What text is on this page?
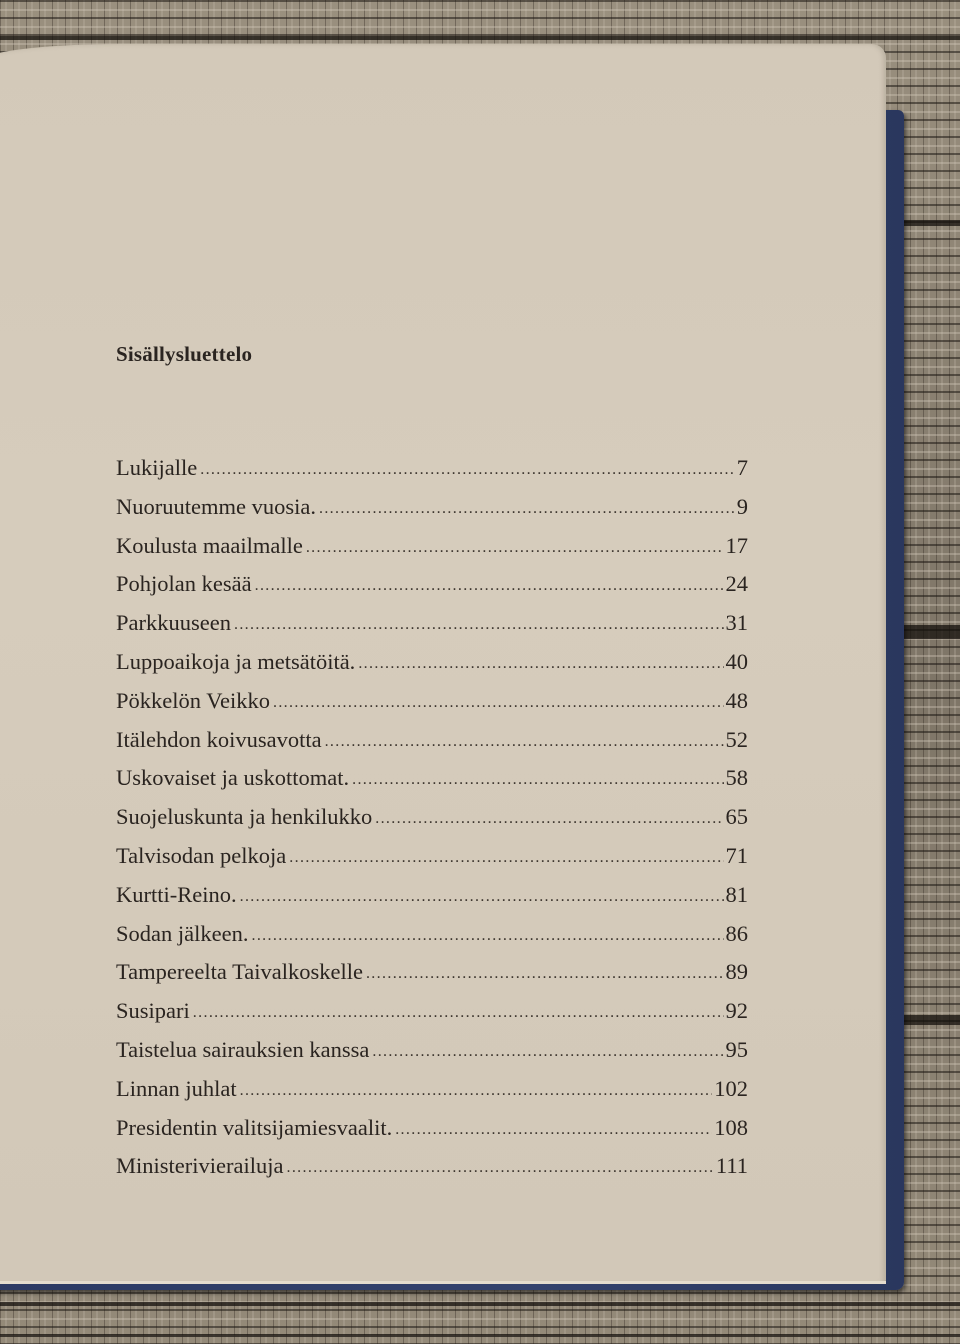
Sisällysluettelo
Lukijalle .....	7
Nuoruutemme vuosia. .....	9
Koulusta maailmalle .....	17
Pohjolan kesää .....	24
Parkkuuseen .....	31
Luppoaikoja ja metsätöitä. .....	40
Pökkelön Veikko .....	48
Itälehdon koivusavotta .....	52
Uskovaiset ja uskottomat. .....	58
Suojeluskunta ja henkilukko .....	65
Talvisodan pelkoja .....	71
Kurtti-Reino. .....	81
Sodan jälkeen. .....	86
Tampereelta Taivalkoskelle .....	89
Susipari .....	92
Taistelua sairauksien kanssa .....	95
Linnan juhlat .....	102
Presidentin valitsijamiesvaalit. .....	108
Ministerivierailuja .....	111
